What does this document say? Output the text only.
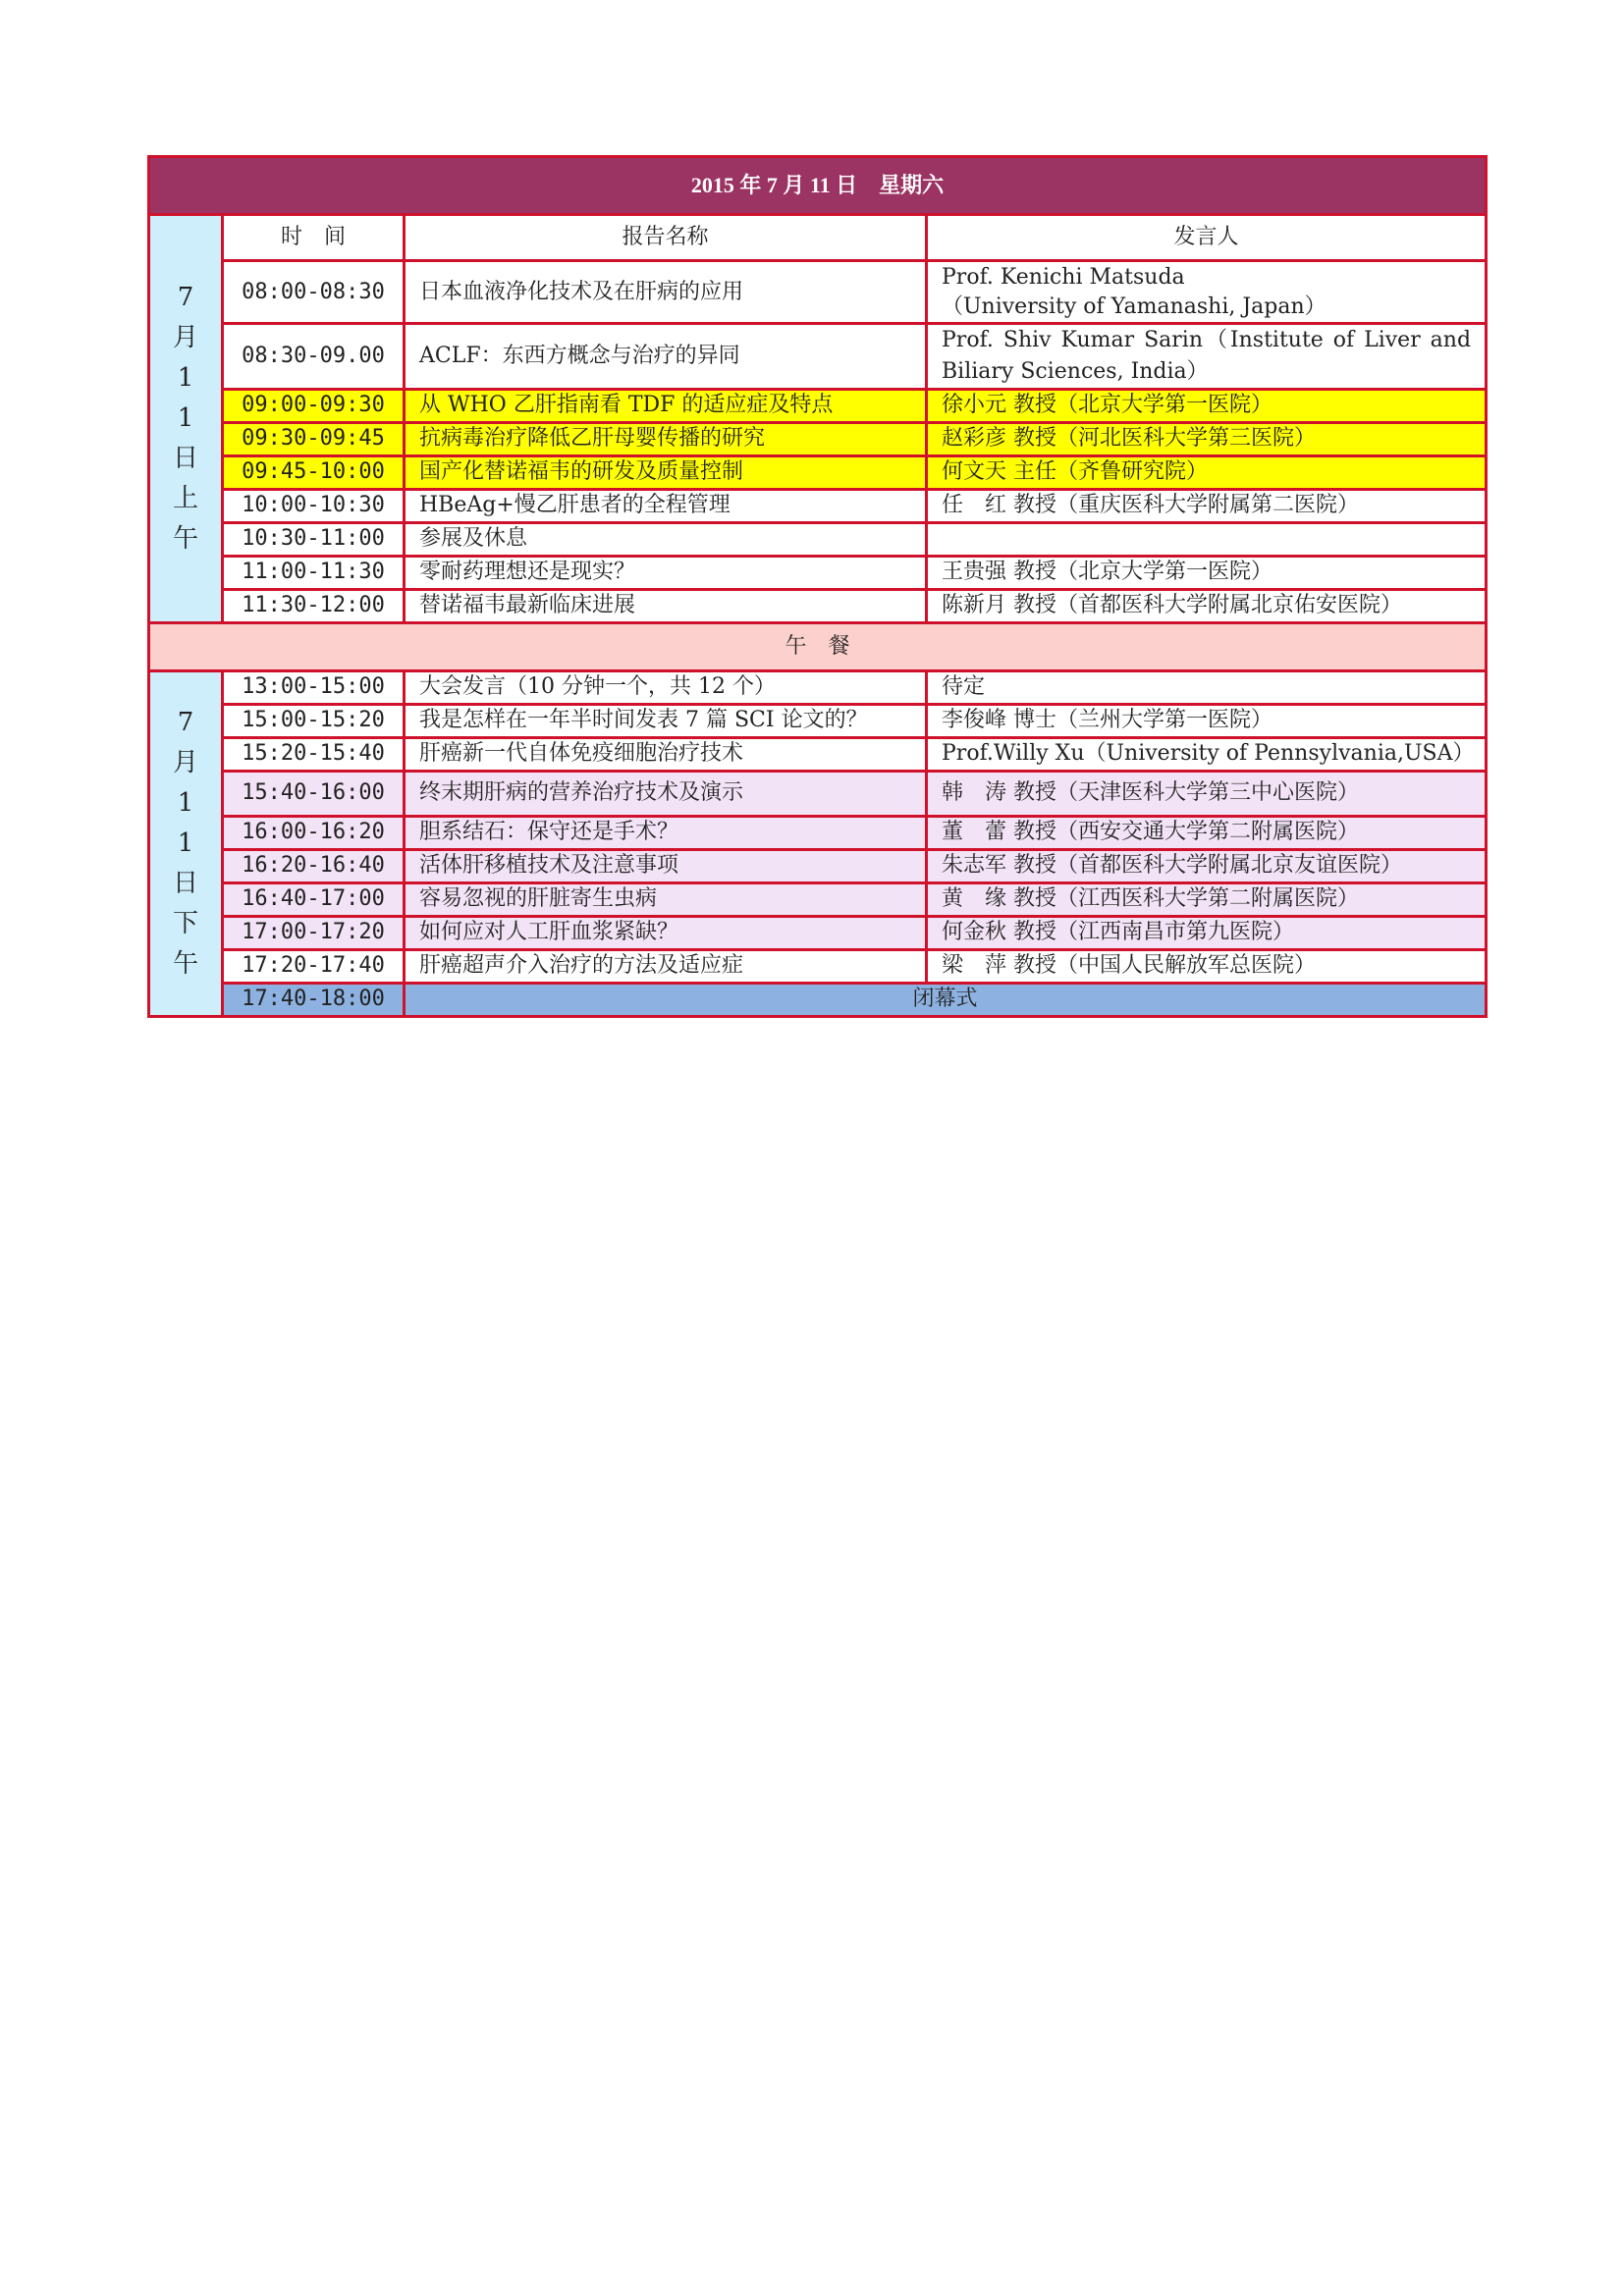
2015 年 7 月 11 日　星期六			
7月11日上午	时　间	报告名称	发言人
	08:00-08:30	日本血液净化技术及在肝病的应用	Prof. Kenichi Matsuda
（University of Yamanashi, Japan）
	08:30-09.00	ACLF：东西方概念与治疗的异同	Prof. Shiv Kumar Sarin（Institute of Liver and Biliary Sciences, India）
	09:00-09:30	从 WHO 乙肝指南看 TDF 的适应症及特点	徐小元 教授（北京大学第一医院）
	09:30-09:45	抗病毒治疗降低乙肝母婴传播的研究	赵彩彦 教授（河北医科大学第三医院）
	09:45-10:00	国产化替诺福韦的研发及质量控制	何文天 主任（齐鲁研究院）
	10:00-10:30	HBeAg+慢乙肝患者的全程管理	任　红 教授（重庆医科大学附属第二医院）
	10:30-11:00	参展及休息	
	11:00-11:30	零耐药理想还是现实？	王贵强 教授（北京大学第一医院）
	11:30-12:00	替诺福韦最新临床进展	陈新月 教授（首都医科大学附属北京佑安医院）
午　餐			
7月11日下午	13:00-15:00	大会发言（10 分钟一个，共 12 个）	待定
	15:00-15:20	我是怎样在一年半时间发表 7 篇 SCI 论文的？	李俊峰 博士（兰州大学第一医院）
	15:20-15:40	肝癌新一代自体免疫细胞治疗技术	Prof.Willy Xu（University of Pennsylvania,USA）
	15:40-16:00	终末期肝病的营养治疗技术及演示	韩　涛 教授（天津医科大学第三中心医院）
	16:00-16:20	胆系结石：保守还是手术？	董　蕾 教授（西安交通大学第二附属医院）
	16:20-16:40	活体肝移植技术及注意事项	朱志军 教授（首都医科大学附属北京友谊医院）
	16:40-17:00	容易忽视的肝脏寄生虫病	黄　缘 教授（江西医科大学第二附属医院）
	17:00-17:20	如何应对人工肝血浆紧缺？	何金秋 教授（江西南昌市第九医院）
	17:20-17:40	肝癌超声介入治疗的方法及适应症	梁　萍 教授（中国人民解放军总医院）
	17:40-18:00	闭幕式	
